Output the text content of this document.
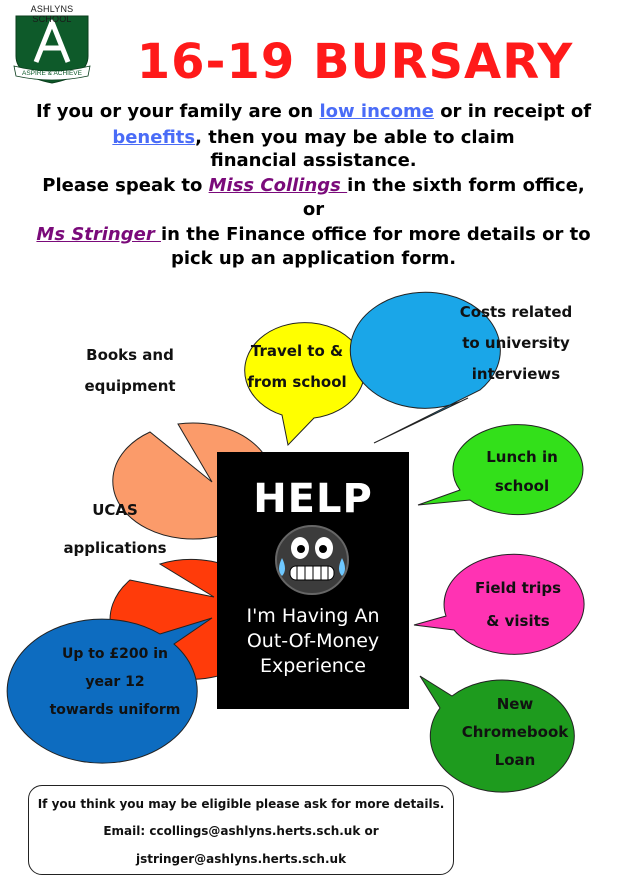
ASPIRE & ACHIEVE
ASHLYNS SCHOOL
16-19 BURSARY
If you or your family are on low income or in receipt of
benefits, then you may be able to claim
financial assistance.
Please speak to Miss Collings in the sixth form office,
or
Ms Stringer in the Finance office for more details or to
pick up an application form.
Books and
equipment
Travel to &
from school
Costs related
to university
interviews
Lunch in
school
UCAS
applications
Field trips
& visits
Up to £200 in
year 12
towards uniform	New
Chromebook
Loan
HELP
I'm Having An
Out-Of-Money
Experience
If you think you may be eligible please ask for more details.
Email: ccollings@ashlyns.herts.sch.uk or
jstringer@ashlyns.herts.sch.uk
